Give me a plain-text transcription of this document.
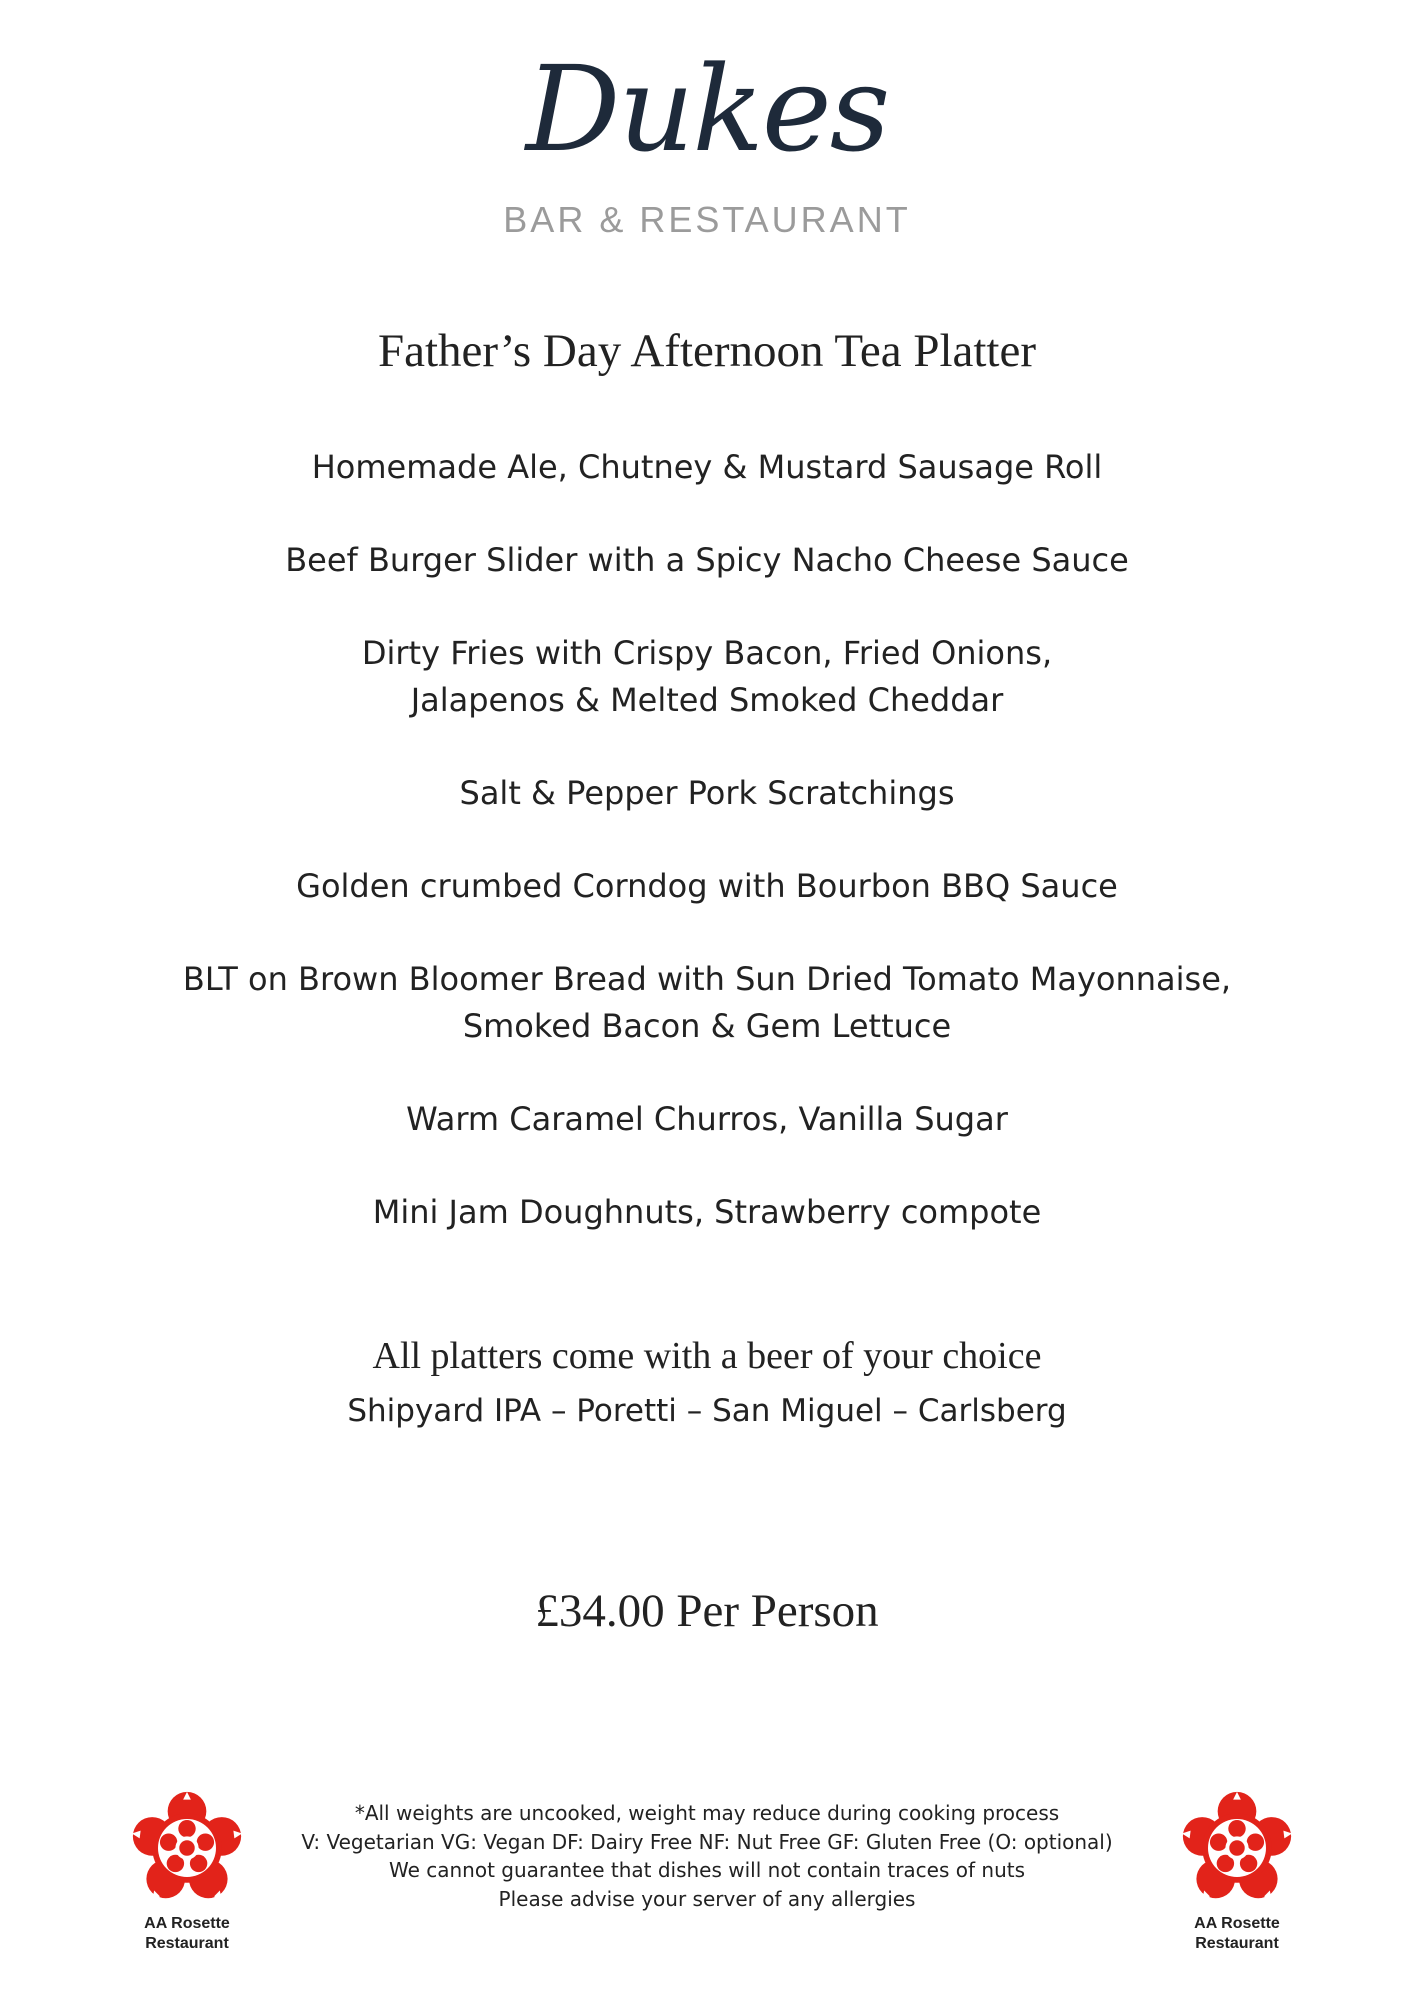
Dukes
BAR & RESTAURANT
Father’s Day Afternoon Tea Platter
Homemade Ale, Chutney & Mustard Sausage Roll
Beef Burger Slider with a Spicy Nacho Cheese Sauce
Dirty Fries with Crispy Bacon, Fried Onions,
Jalapenos & Melted Smoked Cheddar
Salt & Pepper Pork Scratchings
Golden crumbed Corndog with Bourbon BBQ Sauce
BLT on Brown Bloomer Bread with Sun Dried Tomato Mayonnaise,
Smoked Bacon & Gem Lettuce
Warm Caramel Churros, Vanilla Sugar
Mini Jam Doughnuts, Strawberry compote
All platters come with a beer of your choice
Shipyard IPA – Poretti – San Miguel – Carlsberg
£34.00 Per Person
*All weights are uncooked, weight may reduce during cooking process
V: Vegetarian VG: Vegan DF: Dairy Free NF: Nut Free GF: Gluten Free (O: optional)
We cannot guarantee that dishes will not contain traces of nuts
Please advise your server of any allergies
AA Rosette
Restaurant
AA Rosette
Restaurant
